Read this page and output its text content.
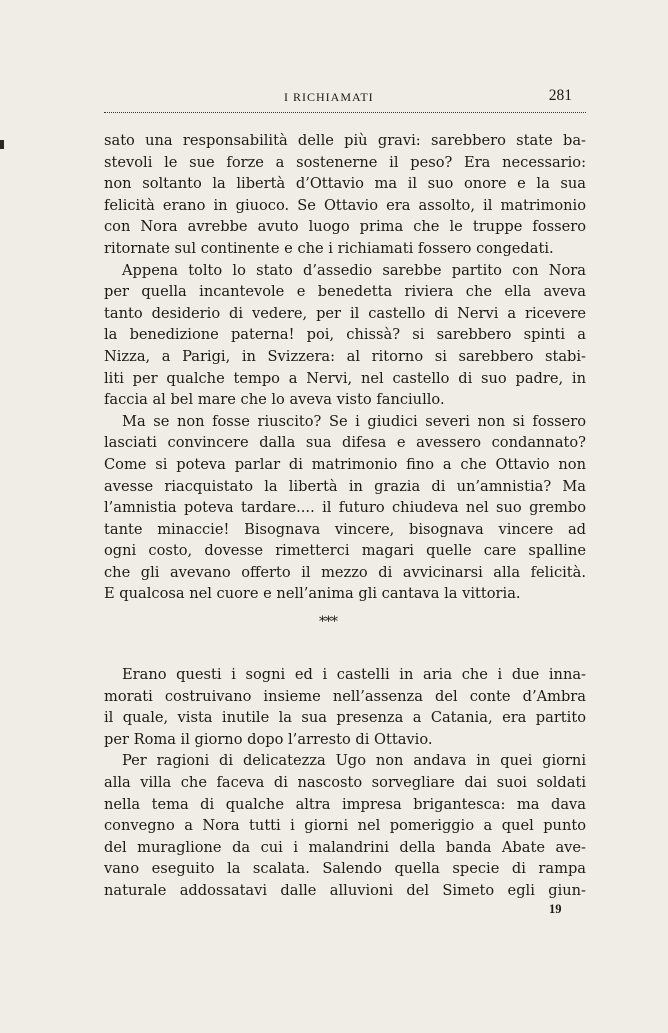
I RICHIAMATI	281
sato una responsabilità delle più gravi: sarebbero state ba-
stevoli le sue forze a sostenerne il peso? Era necessario:
non soltanto la libertà d’Ottavio ma il suo onore e la sua
felicità erano in giuoco. Se Ottavio era assolto, il matrimonio
con Nora avrebbe avuto luogo prima che le truppe fossero
ritornate sul continente e che i richiamati fossero congedati.
Appena tolto lo stato d’assedio sarebbe partito con Nora
per quella incantevole e benedetta riviera che ella aveva
tanto desiderio di vedere, per il castello di Nervi a ricevere
la benedizione paterna! poi, chissà? si sarebbero spinti a
Nizza, a Parigi, in Svizzera: al ritorno si sarebbero stabi-
liti per qualche tempo a Nervi, nel castello di suo padre, in
faccia al bel mare che lo aveva visto fanciullo.
Ma se non fosse riuscito? Se i giudici severi non si fossero
lasciati convincere dalla sua difesa e avessero condannato?
Come si poteva parlar di matrimonio fino a che Ottavio non
avesse riacquistato la libertà in grazia di un’amnistia? Ma
l’amnistia poteva tardare.... il futuro chiudeva nel suo grembo
tante minaccie! Bisognava vincere, bisognava vincere ad
ogni costo, dovesse rimetterci magari quelle care spalline
che gli avevano offerto il mezzo di avvicinarsi alla felicità.
E qualcosa nel cuore e nell’anima gli cantava la vittoria.
***
Erano questi i sogni ed i castelli in aria che i due inna-
morati costruivano insieme nell’assenza del conte d’Ambra
il quale, vista inutile la sua presenza a Catania, era partito
per Roma il giorno dopo l’arresto di Ottavio.
Per ragioni di delicatezza Ugo non andava in quei giorni
alla villa che faceva di nascosto sorvegliare dai suoi soldati
nella tema di qualche altra impresa brigantesca: ma dava
convegno a Nora tutti i giorni nel pomeriggio a quel punto
del muraglione da cui i malandrini della banda Abate ave-
vano eseguito la scalata. Salendo quella specie di rampa
naturale addossatavi dalle alluvioni del Simeto egli giun-
19
